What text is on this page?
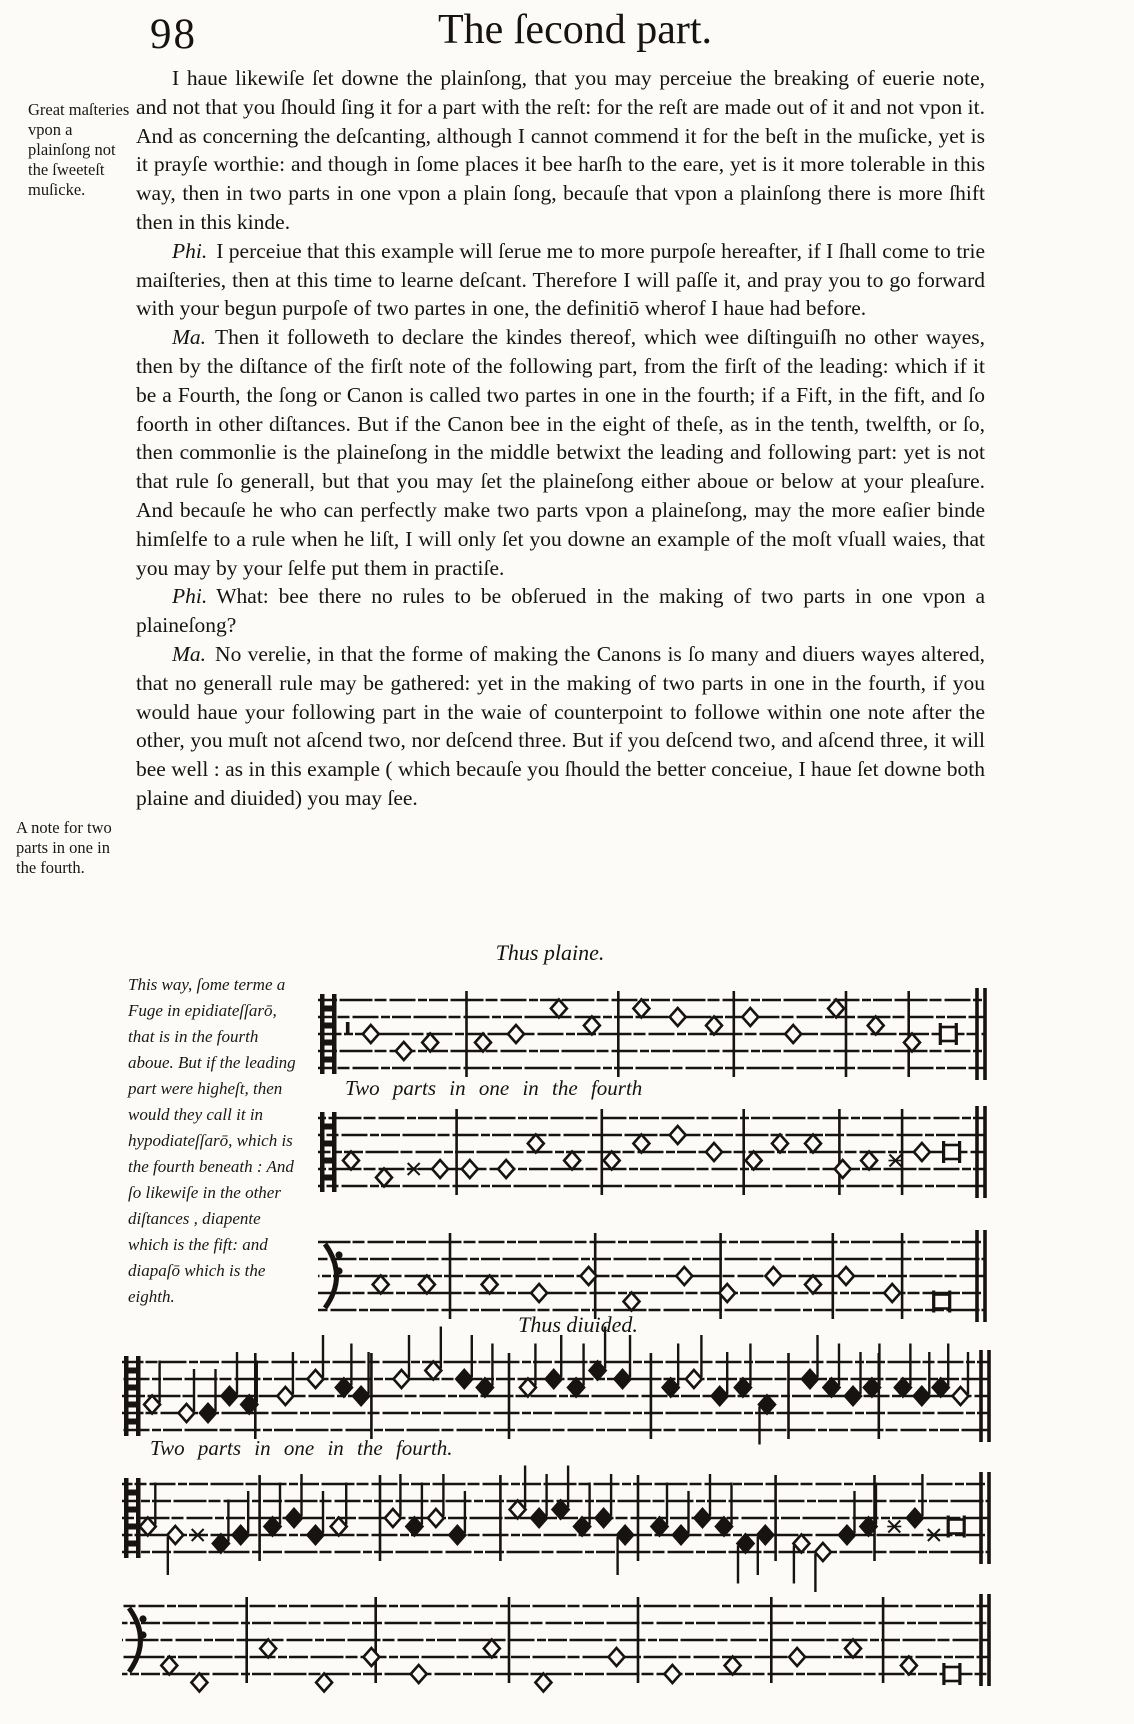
98	The ſecond part.
Great maſteries vpon a plainſong not the ſweeteſt muſicke.
A note for two parts in one in the fourth.
This way, ſome terme a Fuge in epidiateſſarō, that is in the fourth aboue. But if the leading part were higheſt, then would they call it in hypodiateſſarō, which is the fourth beneath : And ſo likewiſe in the other diſtances , diapente which is the fift: and diapaſō which is the eighth.

I haue likewiſe ſet downe the plainſong, that you may perceiue the breaking of euerie note, and not that you ſhould ſing it for a part with the reſt: for the reſt are made out of it and not vpon it. And as concerning the deſcanting, although I cannot commend it for the beſt in the muſicke, yet is it prayſe worthie: and though in ſome places it bee harſh to the eare, yet is it more tolerable in this way, then in two parts in one vpon a plain ſong, becauſe that vpon a plainſong there is more ſhift then in this kinde.

Phi. I perceiue that this example will ſerue me to more purpoſe hereafter, if I ſhall come to trie maiſteries, then at this time to learne deſcant. Therefore I will paſſe it, and pray you to go forward with your begun purpoſe of two partes in one, the definitiō wherof I haue had before.

Ma. Then it followeth to declare the kindes thereof, which wee diſtinguiſh no other wayes, then by the diſtance of the firſt note of the following part, from the firſt of the leading: which if it be a Fourth, the ſong or Canon is called two partes in one in the fourth; if a Fift, in the fift, and ſo foorth in other diſtances. But if the Canon bee in the eight of theſe, as in the tenth, twelfth, or ſo, then commonlie is the plaineſong in the middle betwixt the leading and following part: yet is not that rule ſo generall, but that you may ſet the plaineſong either aboue or below at your pleaſure. And becauſe he who can perfectly make two parts vpon a plaineſong, may the more eaſier binde himſelfe to a rule when he liſt, I will only ſet you downe an example of the moſt vſuall waies, that you may by your ſelfe put them in practiſe.

Phi. What: bee there no rules to be obſerued in the making of two parts in one vpon a plaineſong?

Ma. No verelie, in that the forme of making the Canons is ſo many and diuers wayes altered, that no generall rule may be gathered: yet in the making of two parts in one in the fourth, if you would haue your following part in the waie of counterpoint to followe within one note after the other, you muſt not aſcend two, nor deſcend three. But if you deſcend two, and aſcend three, it will bee well : as in this example ( which becauſe you ſhould the better conceiue, I haue ſet downe both plaine and diuided) you may ſee.

Thus plaine.
Two parts in one in the fourth
Thus diuided.
Two parts in one in the fourth.
